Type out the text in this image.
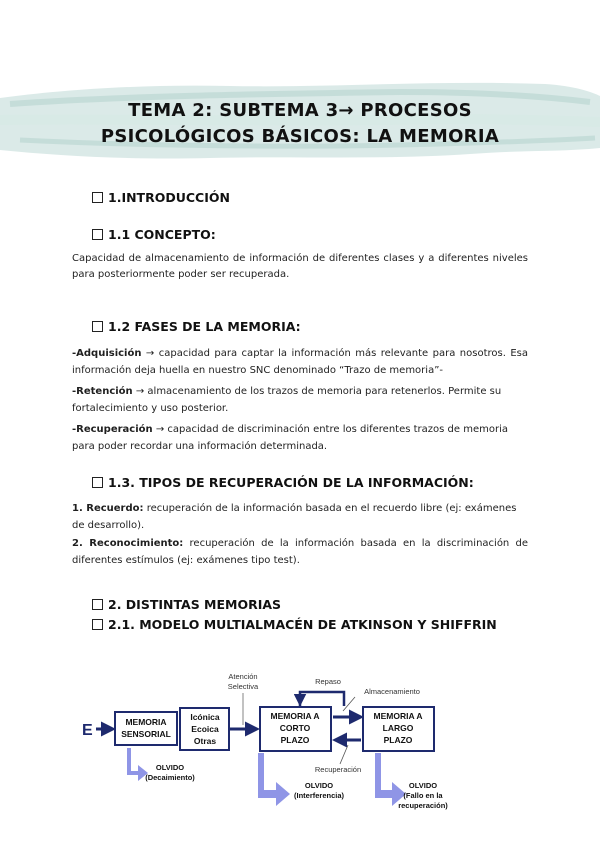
TEMA 2: SUBTEMA 3→ PROCESOS
PSICOLÓGICOS BÁSICOS: LA MEMORIA
1.INTRODUCCIÓN
1.1 CONCEPTO:
Capacidad de almacenamiento de información de diferentes clases y a diferentes niveles
para posteriormente poder ser recuperada.
1.2 FASES DE LA MEMORIA:
-Adquisición → capacidad para captar la información más relevante para nosotros. Esa
información deja huella en nuestro SNC denominado “Trazo de memoria”-
-Retención → almacenamiento de los trazos de memoria para retenerlos. Permite su
fortalecimiento y uso posterior.
-Recuperación → capacidad de discriminación entre los diferentes trazos de memoria
para poder recordar una información determinada.
1.3. TIPOS DE RECUPERACIÓN DE LA INFORMACIÓN:
1. Recuerdo: recuperación de la información basada en el recuerdo libre (ej: exámenes
de desarrollo).
2. Reconocimiento: recuperación de la información basada en la discriminación de
diferentes estímulos (ej: exámenes tipo test).
2. DISTINTAS MEMORIAS
2.1. MODELO MULTIALMACÉN DE ATKINSON Y SHIFFRIN
E	MEMORIA
SENSORIAL
Icónica
Ecoica
Otras
Atención
Selectiva
MEMORIA A
CORTO
PLAZO
Repaso
Almacenamiento
Recuperación
MEMORIA A
LARGO
PLAZO
OLVIDO
(Decaimiento)
OLVIDO
(Interferencia)
OLVIDO
(Fallo en la
recuperación)
